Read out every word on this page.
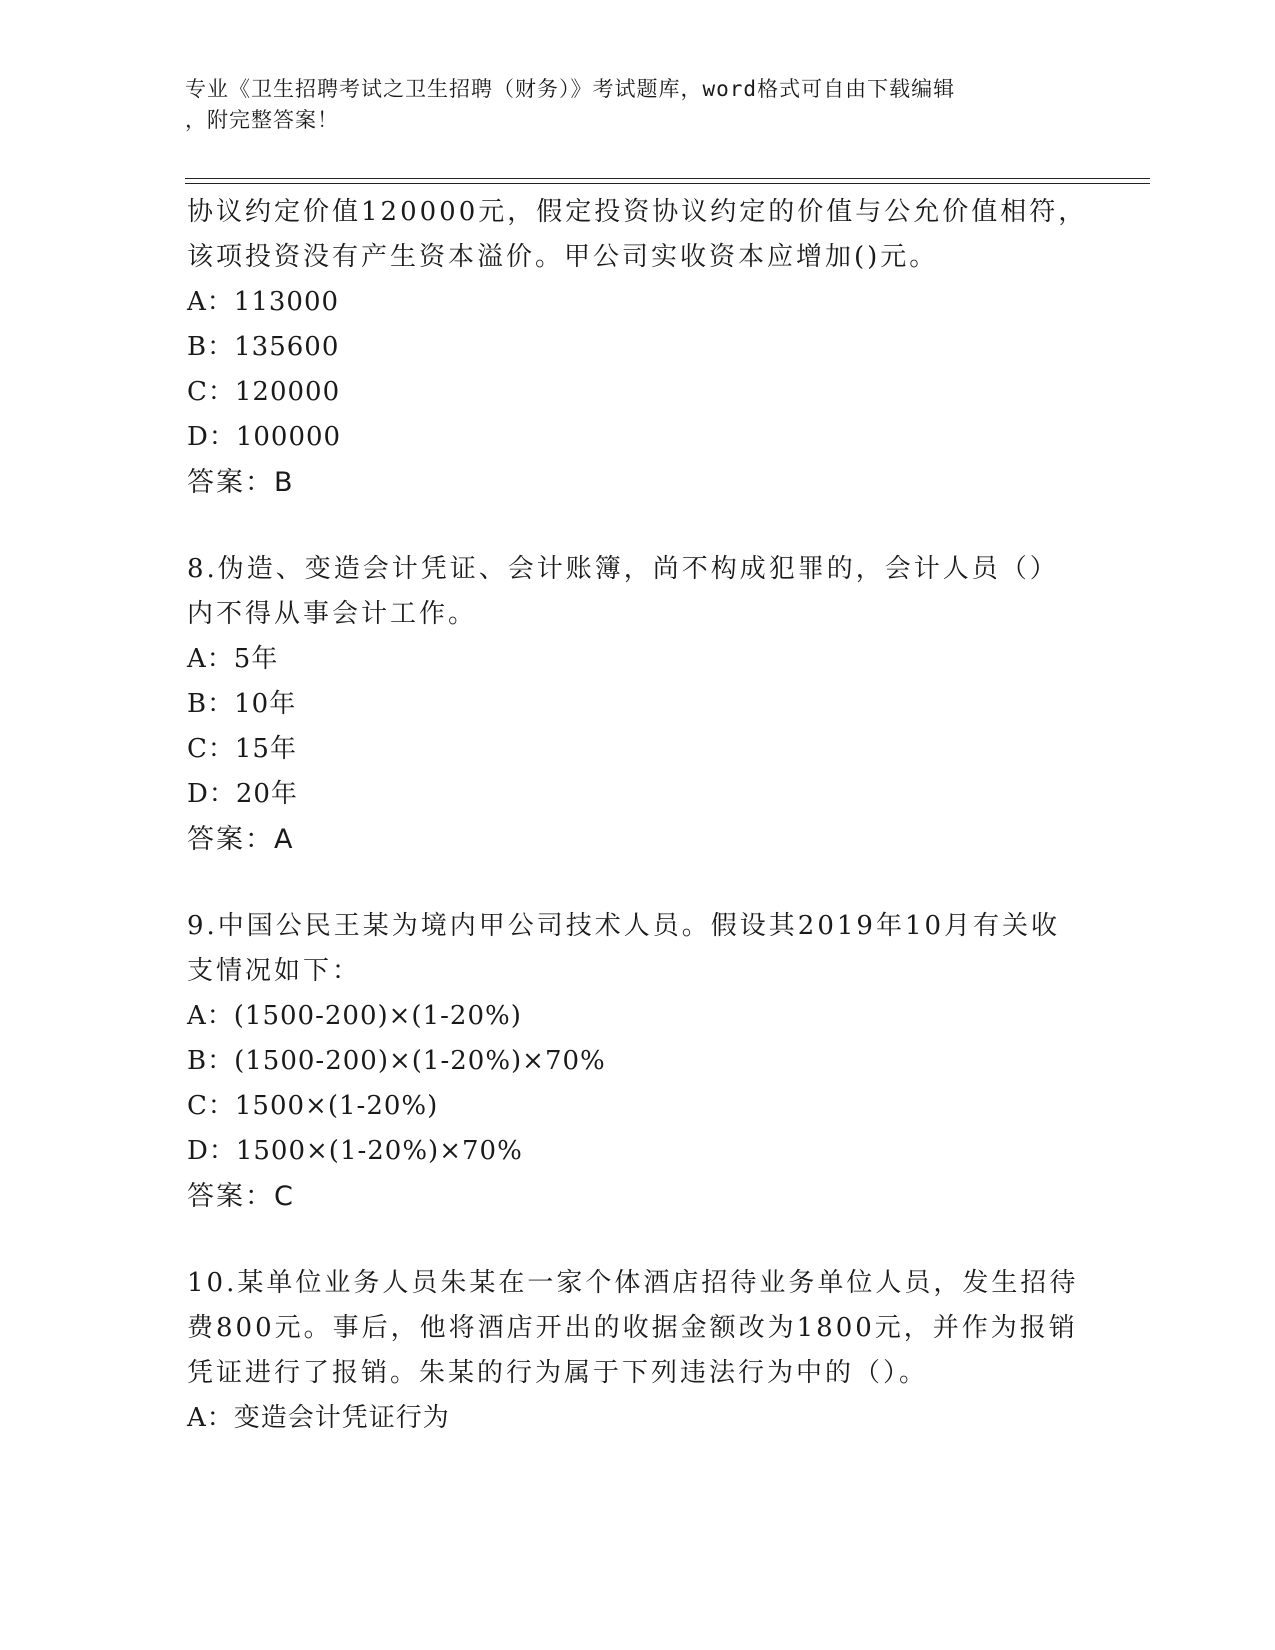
专业《卫生招聘考试之卫生招聘（财务）》考试题库，word格式可自由下载编辑
，附完整答案！
协议约定价值120000元，假定投资协议约定的价值与公允价值相符，
该项投资没有产生资本溢价。甲公司实收资本应增加()元。
A：113000
B：135600
C：120000
D：100000
答案：B
8.伪造、变造会计凭证、会计账簿，尚不构成犯罪的，会计人员（）
内不得从事会计工作。
A：5年
B：10年
C：15年
D：20年
答案：A
9.中国公民王某为境内甲公司技术人员。假设其2019年10月有关收
支情况如下：
A：(1500-200)×(1-20%)
B：(1500-200)×(1-20%)×70%
C：1500×(1-20%)
D：1500×(1-20%)×70%
答案：C
10.某单位业务人员朱某在一家个体酒店招待业务单位人员，发生招待
费800元。事后，他将酒店开出的收据金额改为1800元，并作为报销
凭证进行了报销。朱某的行为属于下列违法行为中的（）。
A：变造会计凭证行为
